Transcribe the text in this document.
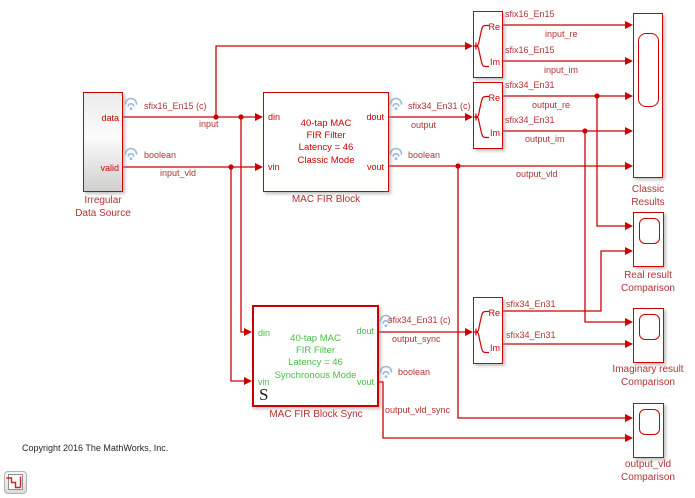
data
valid
Irregular
Data Source
40-tap MAC
FIR Filter
Latency = 46
Classic Mode
din
vin
dout
vout
MAC FIR Block
40-tap MAC
FIR Filter
Latency = 46
Synchronous Mode
din
vin
dout
vout
S
MAC FIR Block Sync
Re
Im
Re
Im
Re
Im
Classic
Results
Real result
Comparison
Imaginary result
Comparison
output_vld
Comparison
sfix16_En15 (c)
input
boolean
input_vld
sfix34_En31 (c)
output
boolean
output_vld
sfix16_En15
input_re
sfix16_En15
input_im
sfix34_En31
output_re
sfix34_En31
output_im
sfix34_En31 (c)
output_sync
boolean
output_vld_sync
sfix34_En31
sfix34_En31
Copyright 2016 The MathWorks, Inc.
